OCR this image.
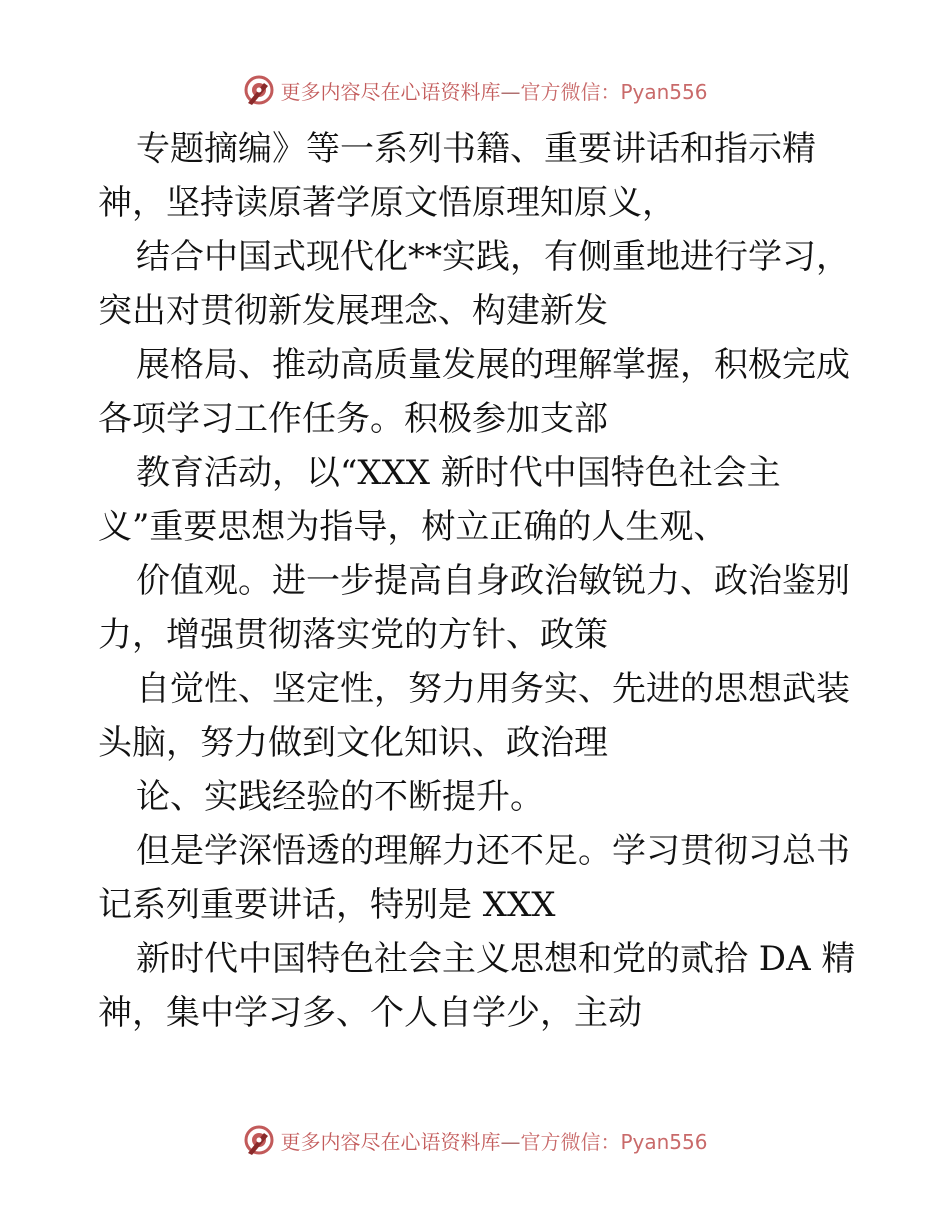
更多内容尽在心语资料库—官方微信：Pyan556
专题摘编》等一系列书籍、重要讲话和指示精
神，坚持读原著学原文悟原理知原义，
结合中国式现代化**实践，有侧重地进行学习，
突出对贯彻新发展理念、构建新发
展格局、推动高质量发展的理解掌握，积极完成
各项学习工作任务。积极参加支部
教育活动，以“XXX 新时代中国特色社会主
义”重要思想为指导，树立正确的人生观、
价值观。进一步提高自身政治敏锐力、政治鉴别
力，增强贯彻落实党的方针、政策
自觉性、坚定性，努力用务实、先进的思想武装
头脑，努力做到文化知识、政治理
论、实践经验的不断提升。
但是学深悟透的理解力还不足。学习贯彻习总书
记系列重要讲话，特别是 XXX
新时代中国特色社会主义思想和党的贰拾 DA 精
神，集中学习多、个人自学少，主动
更多内容尽在心语资料库—官方微信：Pyan556
